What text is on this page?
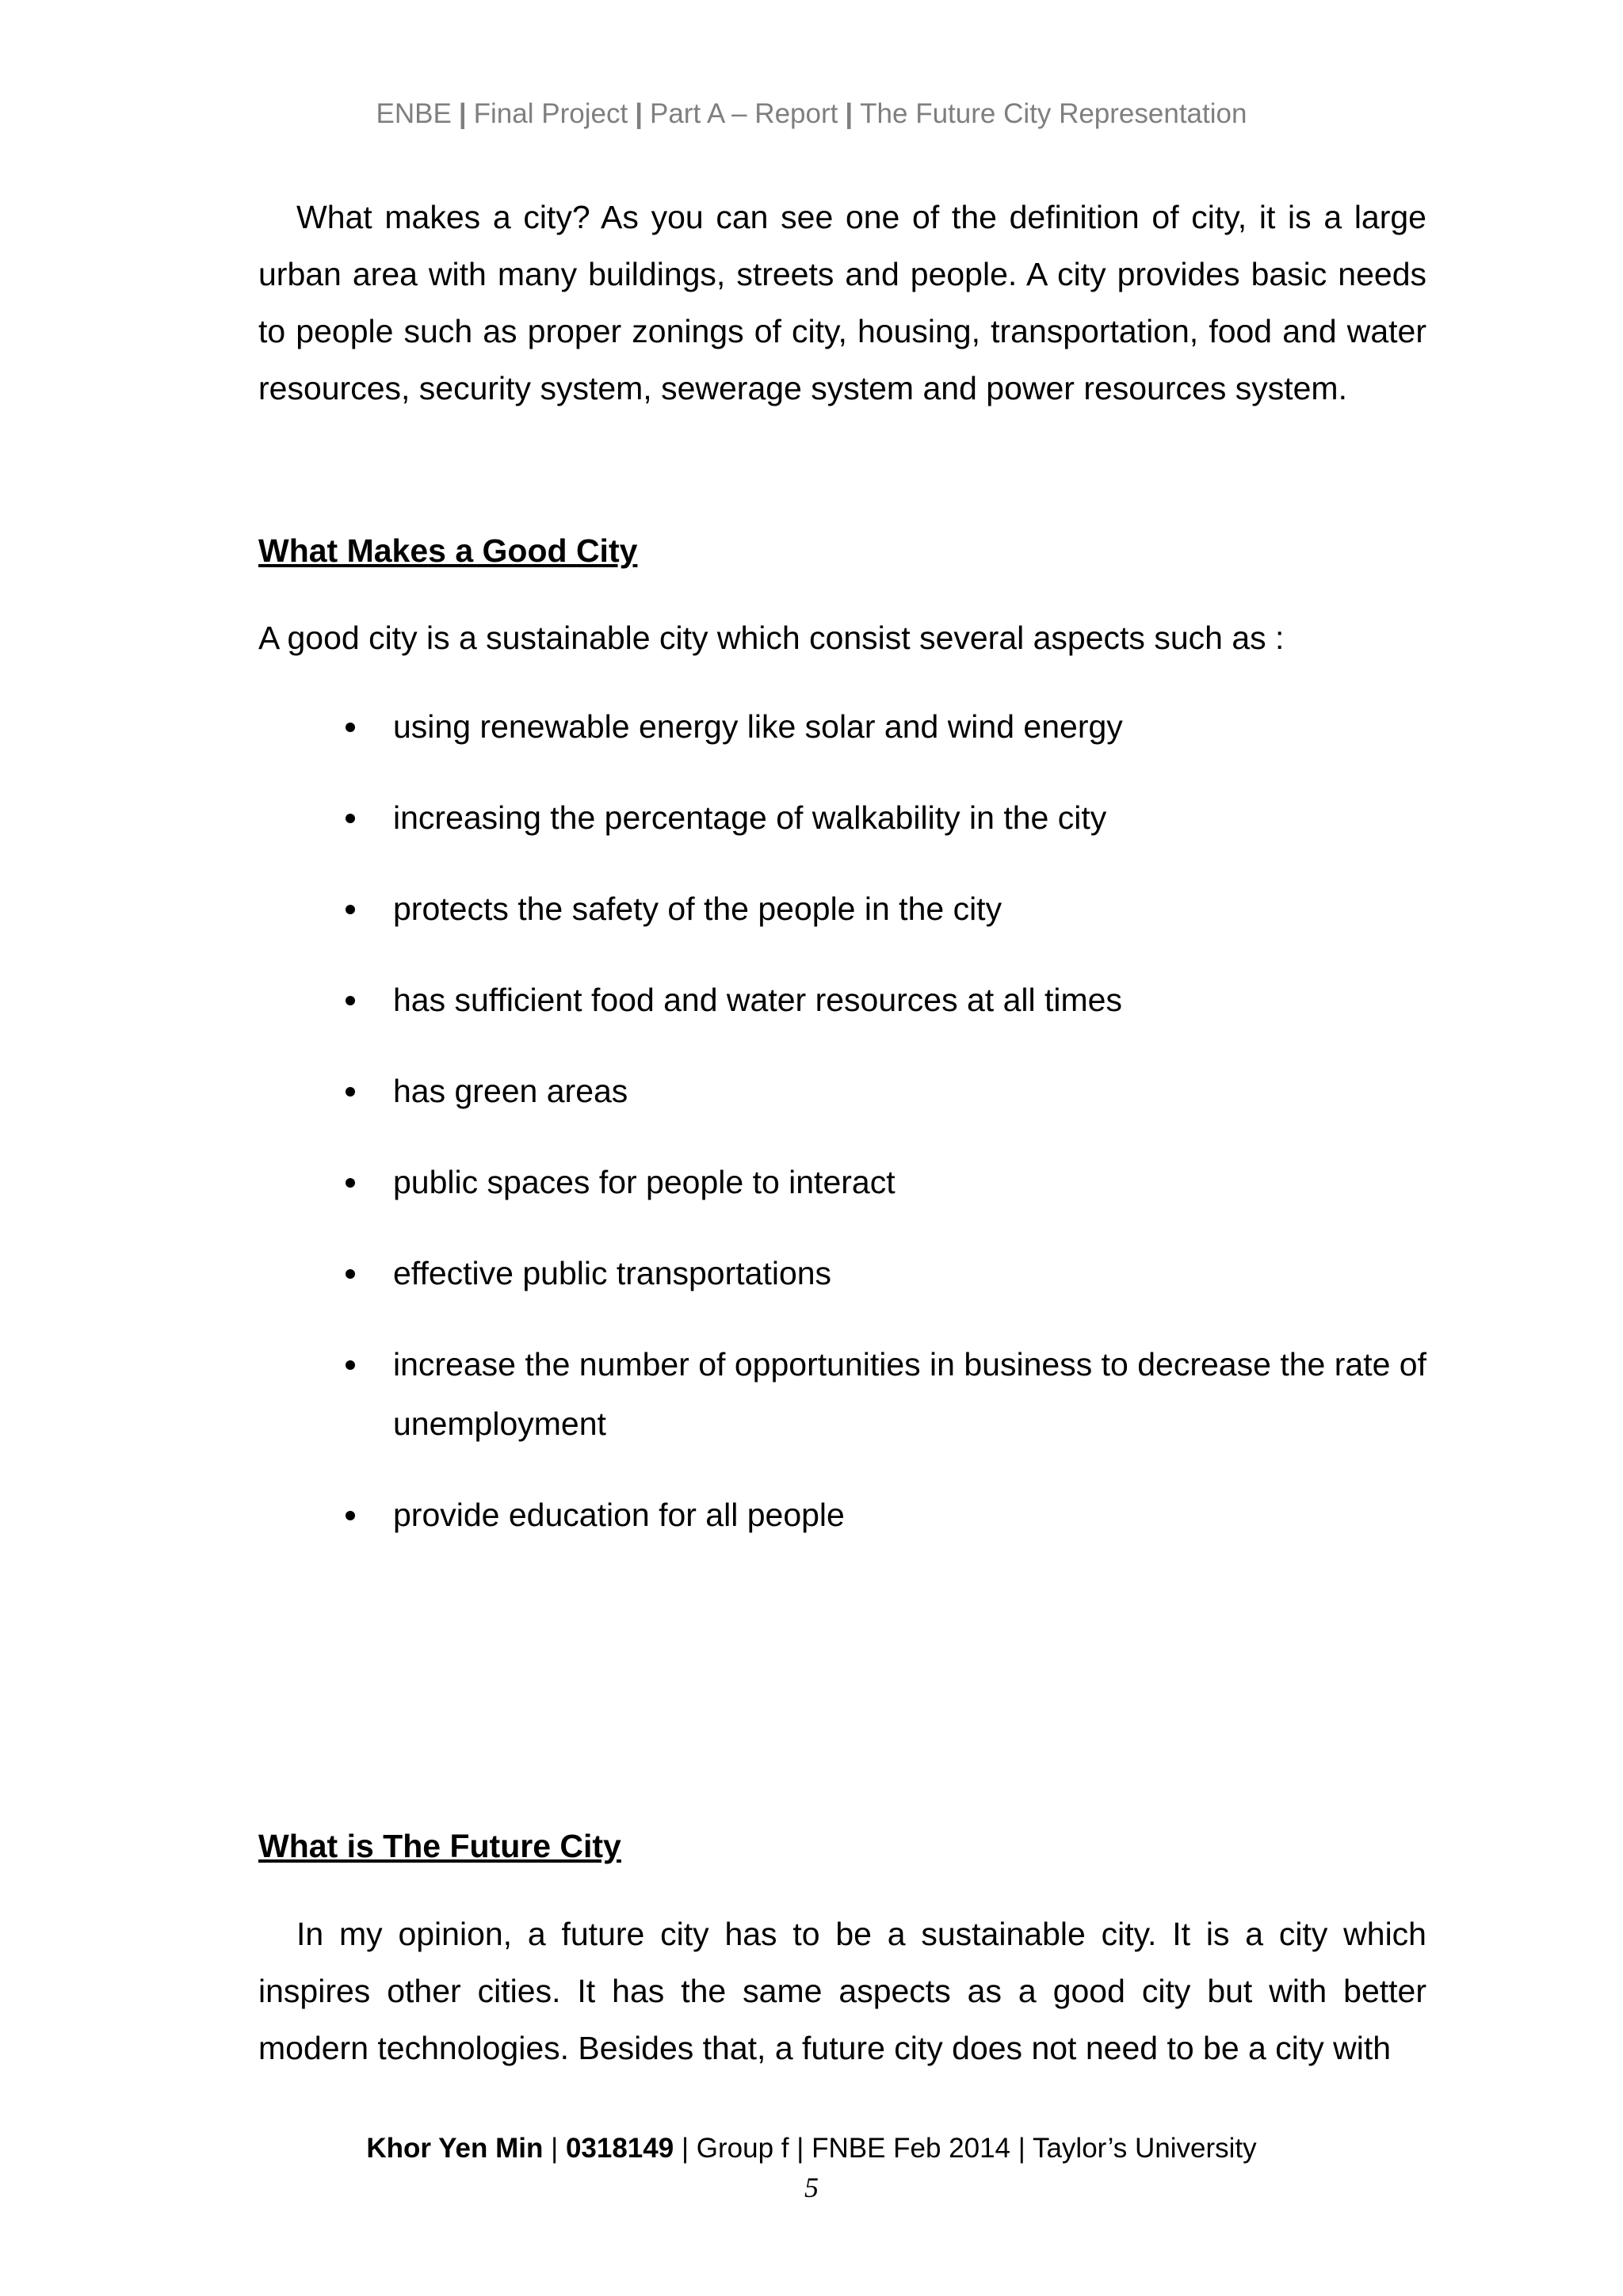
ENBE | Final Project | Part A – Report | The Future City Representation

What makes a city? As you can see one of the definition of city, it is a large urban area with many buildings, streets and people. A city provides basic needs to people such as proper zonings of city, housing, transportation, food and water resources, security system, sewerage system and power resources system.

What Makes a Good City

A good city is a sustainable city which consist several aspects such as :

using renewable energy like solar and wind energy
increasing the percentage of walkability in the city
protects the safety of the people in the city
has sufficient food and water resources at all times
has green areas
public spaces for people to interact
effective public transportations
increase the number of opportunities in business to decrease the rate of unemployment
provide education for all people
What is The Future City

In my opinion, a future city has to be a sustainable city. It is a city which inspires other cities. It has the same aspects as a good city but with better modern technologies. Besides that, a future city does not need to be a city with

Khor Yen Min | 0318149 | Group f | FNBE Feb 2014 | Taylor’s University
5
